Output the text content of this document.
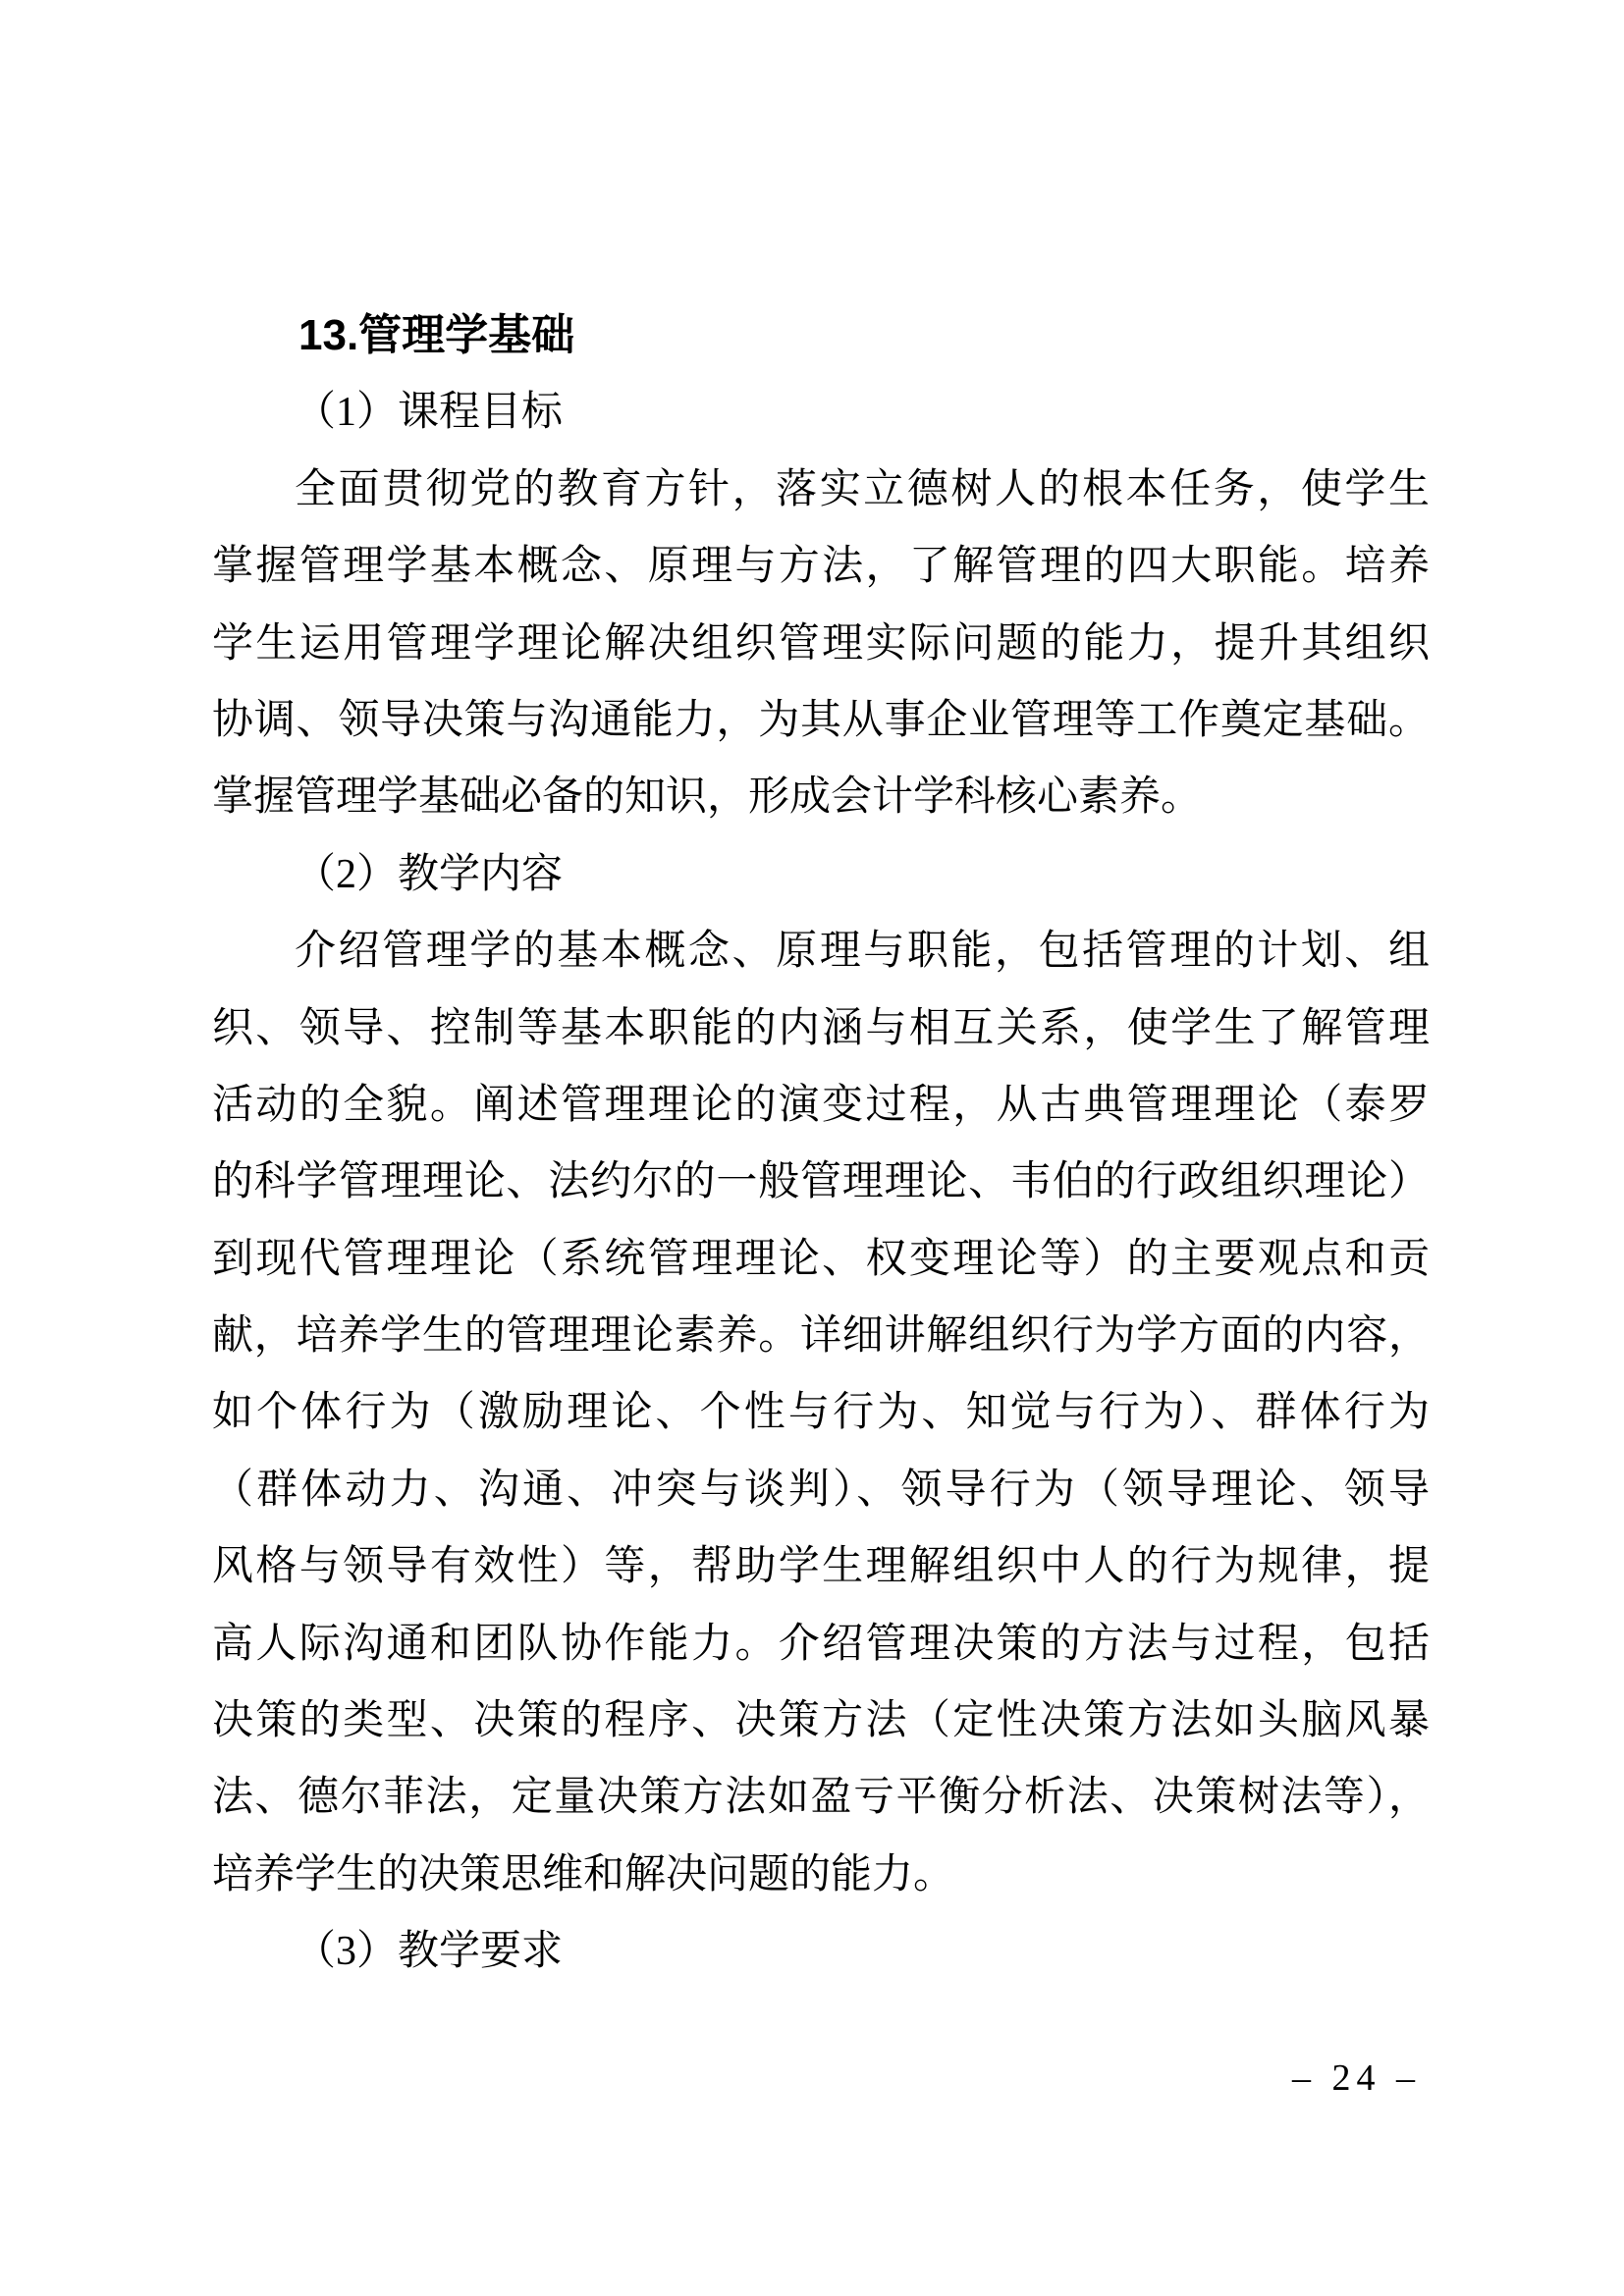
13.管理学基础
（1）课程目标
全面贯彻党的教育方针，落实立德树人的根本任务，使学生
掌握管理学基本概念、原理与方法，了解管理的四大职能。培养
学生运用管理学理论解决组织管理实际问题的能力，提升其组织
协调、领导决策与沟通能力，为其从事企业管理等工作奠定基础。
掌握管理学基础必备的知识，形成会计学科核心素养。
（2）教学内容
介绍管理学的基本概念、原理与职能，包括管理的计划、组
织、领导、控制等基本职能的内涵与相互关系，使学生了解管理
活动的全貌。阐述管理理论的演变过程，从古典管理理论（泰罗
的科学管理理论、法约尔的一般管理理论、韦伯的行政组织理论）
到现代管理理论（系统管理理论、权变理论等）的主要观点和贡
献，培养学生的管理理论素养。详细讲解组织行为学方面的内容，
如个体行为（激励理论、个性与行为、知觉与行为）、群体行为
（群体动力、沟通、冲突与谈判）、领导行为（领导理论、领导
风格与领导有效性）等，帮助学生理解组织中人的行为规律，提
高人际沟通和团队协作能力。介绍管理决策的方法与过程，包括
决策的类型、决策的程序、决策方法（定性决策方法如头脑风暴
法、德尔菲法，定量决策方法如盈亏平衡分析法、决策树法等），
培养学生的决策思维和解决问题的能力。
（3）教学要求
– 24 –
